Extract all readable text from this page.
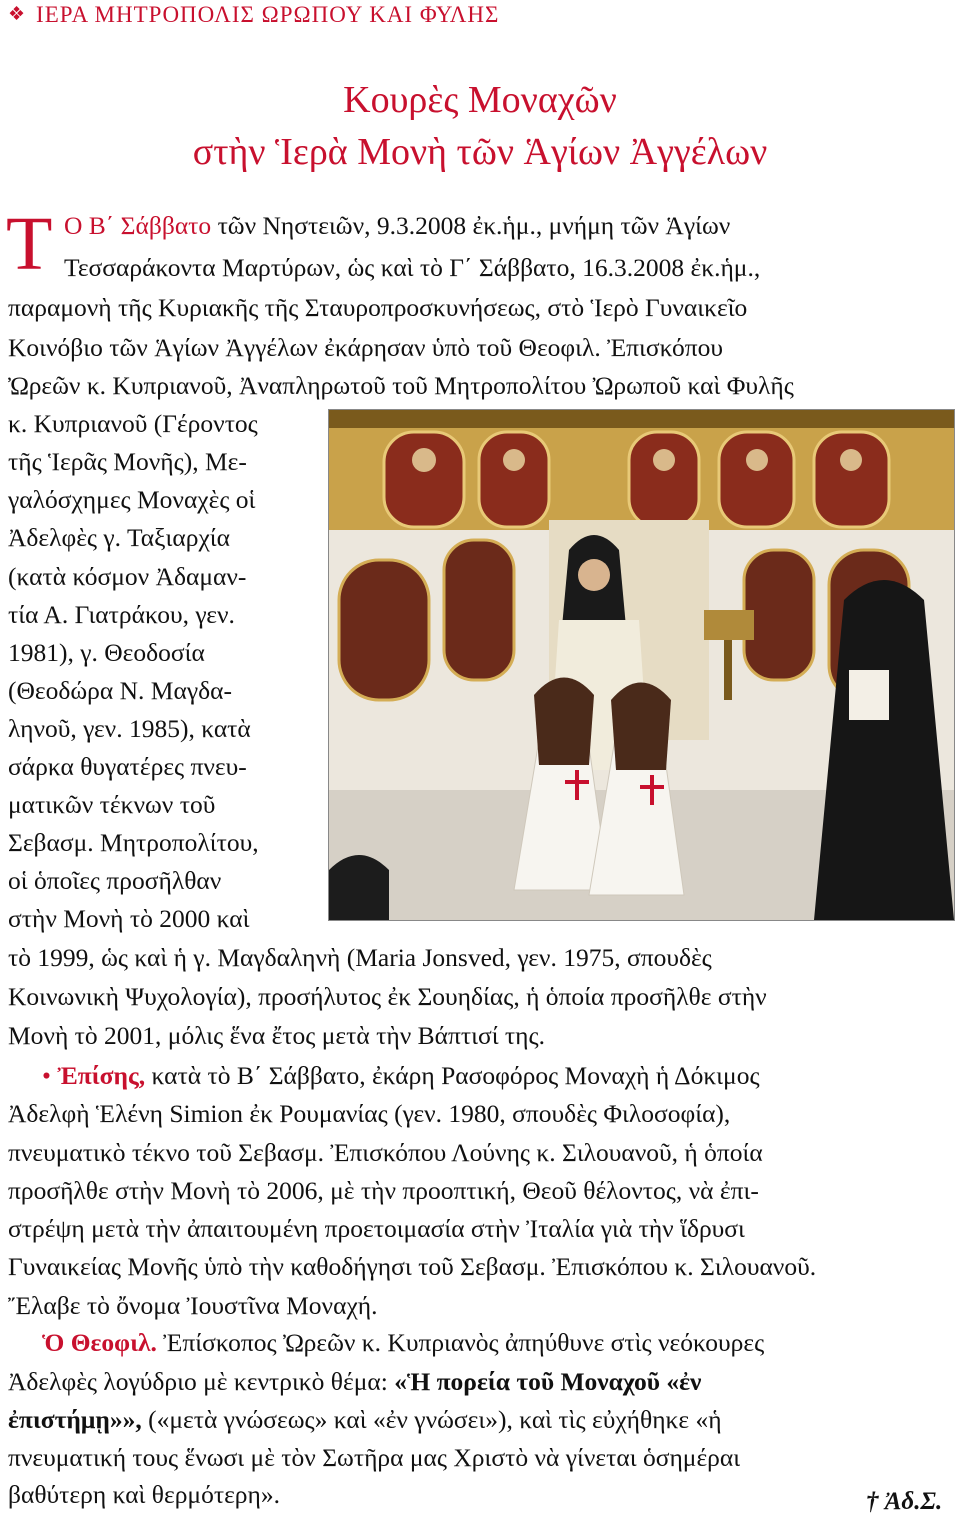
❖ ΙΕΡΑ ΜΗΤΡΟΠΟΛΙΣ ΩΡΩΠΟΥ ΚΑΙ ΦΥΛΗΣ
Κουρὲς Μοναχῶν
στὴν Ἱερὰ Μονὴ τῶν Ἁγίων Ἀγγέλων
Τ Ο Β΄ Σάββατο τῶν Νηστειῶν, 9.3.2008 ἐκ.ἡμ., μνήμη τῶν Ἁγίων
Τεσσαράκοντα Μαρτύρων, ὡς καὶ τὸ Γ΄ Σάββατο, 16.3.2008 ἐκ.ἡμ.,
παραμονὴ τῆς Κυριακῆς τῆς Σταυροπροσκυνήσεως, στὸ Ἱερὸ Γυναικεῖο
Κοινόβιο τῶν Ἁγίων Ἀγγέλων ἐκάρησαν ὑπὸ τοῦ Θεοφιλ. Ἐπισκόπου
Ὠρεῶν κ. Κυπριανοῦ, Ἀναπληρωτοῦ τοῦ Μητροπολίτου Ὠρωποῦ καὶ Φυλῆς
κ. Κυπριανοῦ (Γέροντος
τῆς Ἱερᾶς Μονῆς), Με-
γαλόσχημες Μοναχὲς οἱ
Ἀδελφὲς γ. Ταξιαρχία
(κατὰ κόσμον Ἀδαμαν-
τία Α. Γιατράκου, γεν.
1981), γ. Θεοδοσία
(Θεοδώρα Ν. Μαγδα-
ληνοῦ, γεν. 1985), κατὰ
σάρκα θυγατέρες πνευ-
ματικῶν τέκνων τοῦ
Σεβασμ. Μητροπολίτου,
οἱ ὁποῖες προσῆλθαν
στὴν Μονὴ τὸ 2000 καὶ
τὸ 1999, ὡς καὶ ἡ γ. Μαγδαληνὴ (Maria Jonsved, γεν. 1975, σπουδὲς
Κοινωνικὴ Ψυχολογία), προσήλυτος ἐκ Σουηδίας, ἡ ὁποία προσῆλθε στὴν
Μονὴ τὸ 2001, μόλις ἕνα ἔτος μετὰ τὴν Βάπτισί της.
• Ἐπίσης, κατὰ τὸ Β΄ Σάββατο, ἐκάρη Ρασοφόρος Μοναχὴ ἡ Δόκιμος
Ἀδελφὴ Ἑλένη Simion ἐκ Ρουμανίας (γεν. 1980, σπουδὲς Φιλοσοφία),
πνευματικὸ τέκνο τοῦ Σεβασμ. Ἐπισκόπου Λούνης κ. Σιλουανοῦ, ἡ ὁποία
προσῆλθε στὴν Μονὴ τὸ 2006, μὲ τὴν προοπτική, Θεοῦ θέλοντος, νὰ ἐπι-
στρέψη μετὰ τὴν ἀπαιτουμένη προετοιμασία στὴν Ἰταλία γιὰ τὴν ἵδρυσι
Γυναικείας Μονῆς ὑπὸ τὴν καθοδήγησι τοῦ Σεβασμ. Ἐπισκόπου κ. Σιλουανοῦ.
Ἔλαβε τὸ ὄνομα Ἰουστῖνα Μοναχή.
Ὁ Θεοφιλ. Ἐπίσκοπος Ὠρεῶν κ. Κυπριανὸς ἀπηύθυνε στὶς νεόκουρες
Ἀδελφὲς λογύδριο μὲ κεντρικὸ θέμα: «Ἡ πορεία τοῦ Μοναχοῦ «ἐν
ἐπιστήμῃ»», («μετὰ γνώσεως» καὶ «ἐν γνώσει»), καὶ τὶς εὐχήθηκε «ἡ
πνευματική τους ἕνωσι μὲ τὸν Σωτῆρα μας Χριστὸ νὰ γίνεται ὁσημέραι
βαθύτερη καὶ θερμότερη».	† Ἀδ.Σ.
